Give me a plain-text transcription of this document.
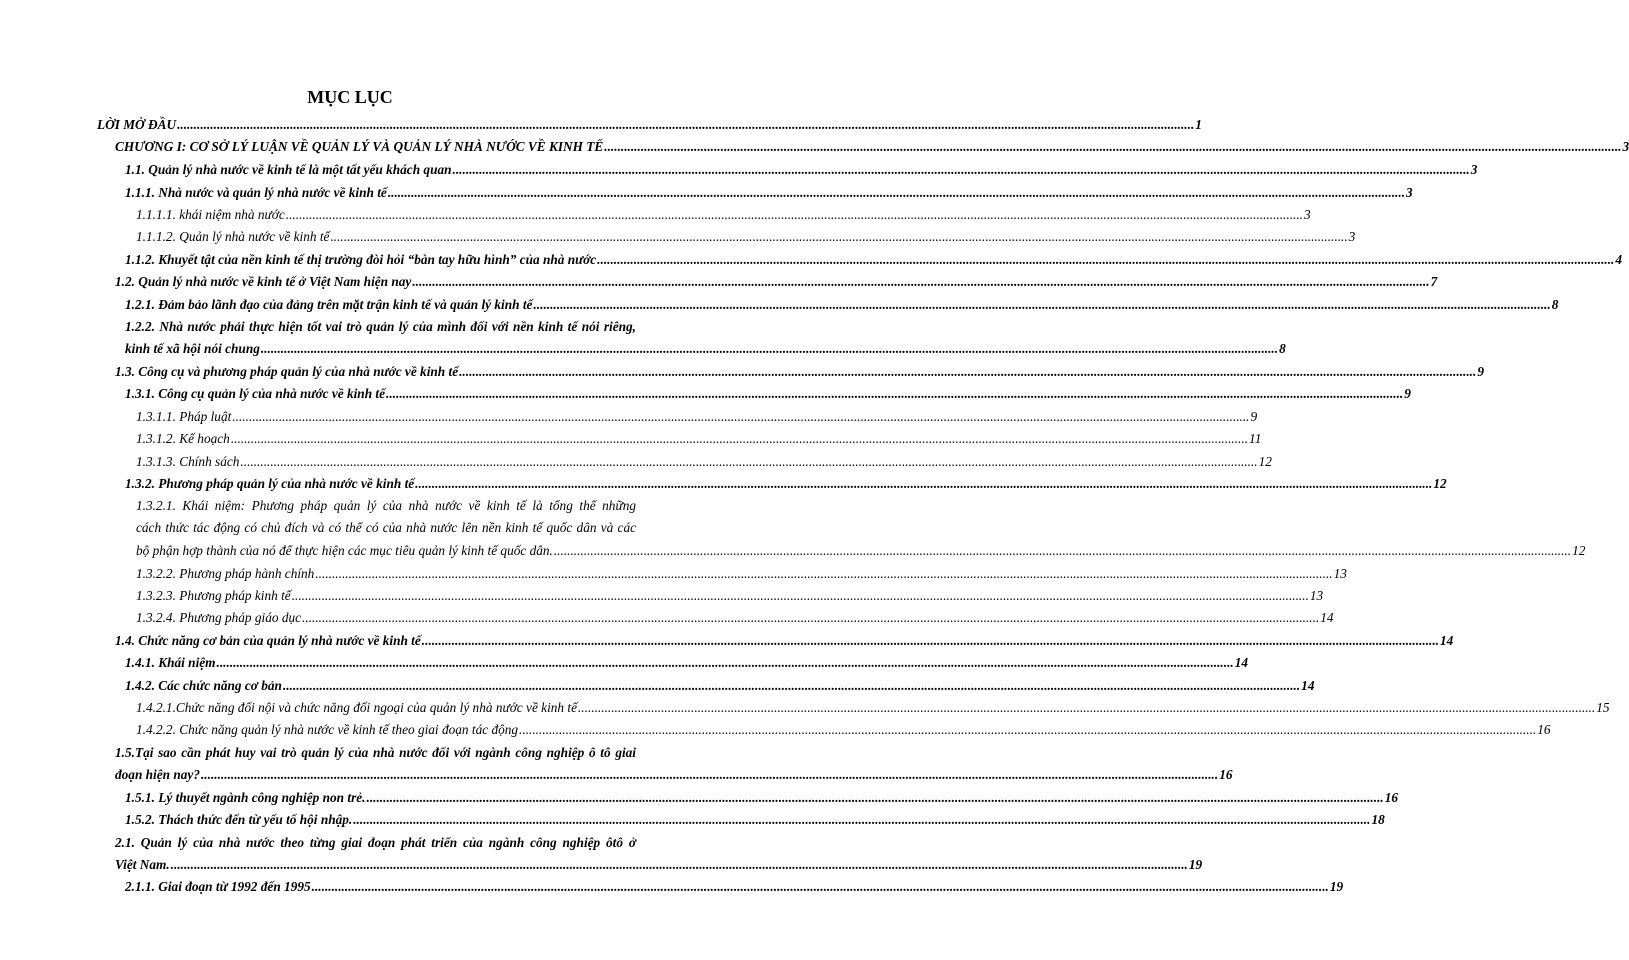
MỤC LỤC
LỜI MỞ ĐẦU .....	1
CHƯƠNG I: CƠ SỞ LÝ LUẬN VỀ QUẢN LÝ VÀ QUẢN LÝ NHÀ NƯỚC VỀ KINH TẾ .....	3
1.1. Quản lý nhà nước về kinh tế là một tất yếu khách quan .....	3
1.1.1. Nhà nước và quản lý nhà nước về kinh tế .....	3
1.1.1.1. khái niệm nhà nước .....	3
1.1.1.2. Quản lý nhà nước về kinh tế .....	3
1.1.2. Khuyết tật của nền kinh tế thị trường đòi hỏi “bàn tay hữu hình” của nhà nước .....	4
1.2. Quản lý nhà nước về kinh tế ở Việt Nam hiện nay .....	7
1.2.1. Đảm bảo lãnh đạo của đảng trên mặt trận kinh tế và quản lý kinh tế .....	8
1.2.2. Nhà nước phải thực hiện tốt vai trò quản lý của mình đối với nền kinh tế nói riêng,
kinh tế xã hội nói chung .....	8
1.3. Công cụ và phương pháp quản lý của nhà nước về kinh tế .....	9
1.3.1. Công cụ quản lý của nhà nước về kinh tế .....	9
1.3.1.1. Pháp luật .....	9
1.3.1.2. Kế hoạch .....	11
1.3.1.3. Chính sách .....	12
1.3.2. Phương pháp quản lý của nhà nước về kinh tế .....	12
1.3.2.1. Khái niệm: Phương pháp quản lý của nhà nước về kinh tế là tổng thể những
cách thức tác động có chủ đích và có thể có của nhà nước lên nền kinh tế quốc dân và các
bộ phận hợp thành của nó để thực hiện các mục tiêu quản lý kinh tế quốc dân. .....	12
1.3.2.2. Phương pháp hành chính .....	13
1.3.2.3. Phương pháp kinh tế .....	13
1.3.2.4. Phương pháp giáo dục .....	14
1.4. Chức năng cơ bản của quản lý nhà nước về kinh tế .....	14
1.4.1. Khái niệm .....	14
1.4.2. Các chức năng cơ bản .....	14
1.4.2.1.Chức năng đối nội và chức năng đối ngoại của quản lý nhà nước về kinh tế .....	15
1.4.2.2. Chức năng quản lý nhà nước về kinh tế theo giai đoạn tác động .....	16
1.5.Tại sao cần phát huy vai trò quản lý của nhà nước đối với ngành công nghiệp ô tô giai
đoạn hiện nay? .....	16
1.5.1. Lý thuyết ngành công nghiệp non trẻ. .....	16
1.5.2. Thách thức đến từ yếu tố hội nhập. .....	18
2.1. Quản lý của nhà nước theo từng giai đoạn phát triển của ngành công nghiệp ôtô ở
Việt Nam. .....	19
2.1.1. Giai đoạn từ 1992 đến 1995 .....	19
